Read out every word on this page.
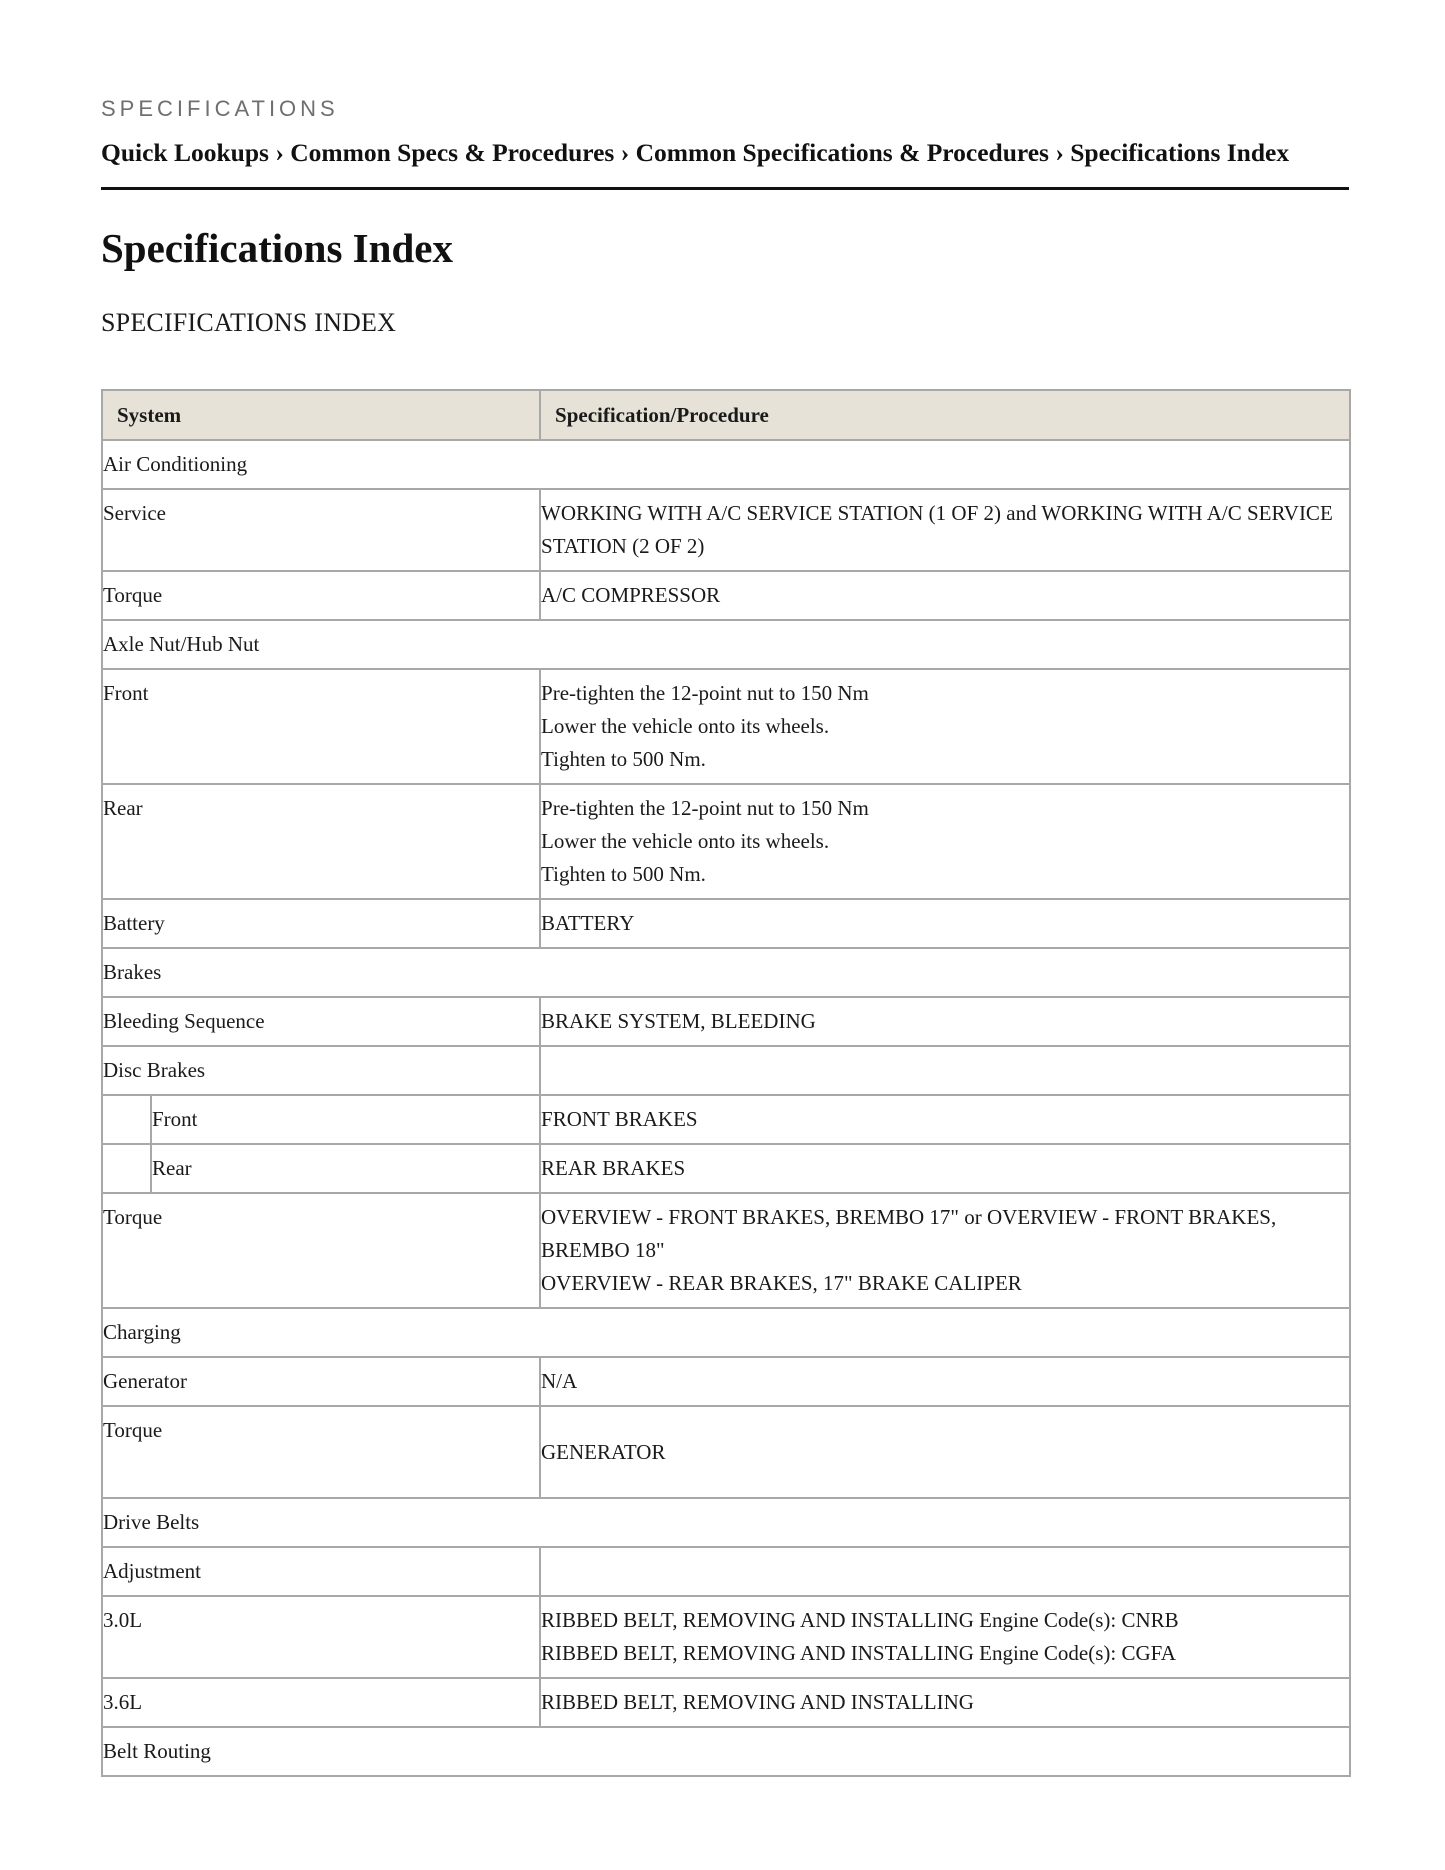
SPECIFICATIONS
Quick Lookups › Common Specs & Procedures › Common Specifications & Procedures › Specifications Index
Specifications Index
SPECIFICATIONS INDEX
System		Specification/Procedure
Air Conditioning		
Service		WORKING WITH A/C SERVICE STATION (1 OF 2) and WORKING WITH A/C SERVICE STATION (2 OF 2)
Torque		A/C COMPRESSOR
Axle Nut/Hub Nut		
Front		Pre-tighten the 12-point nut to 150 Nm
Lower the vehicle onto its wheels.
Tighten to 500 Nm.

Rear		Pre-tighten the 12-point nut to 150 Nm
Lower the vehicle onto its wheels.
Tighten to 500 Nm.

Battery		BATTERY
Brakes		
Bleeding Sequence		BRAKE SYSTEM, BLEEDING
Disc Brakes		
	Front	FRONT BRAKES
	Rear	REAR BRAKES
Torque		OVERVIEW - FRONT BRAKES, BREMBO 17" or OVERVIEW - FRONT BRAKES, BREMBO 18"
OVERVIEW - REAR BRAKES, 17" BRAKE CALIPER

Charging		
Generator		N/A
Torque		GENERATOR
Drive Belts		
Adjustment		
3.0L		RIBBED BELT, REMOVING AND INSTALLING Engine Code(s): CNRB
RIBBED BELT, REMOVING AND INSTALLING Engine Code(s): CGFA

3.6L		RIBBED BELT, REMOVING AND INSTALLING
Belt Routing		
